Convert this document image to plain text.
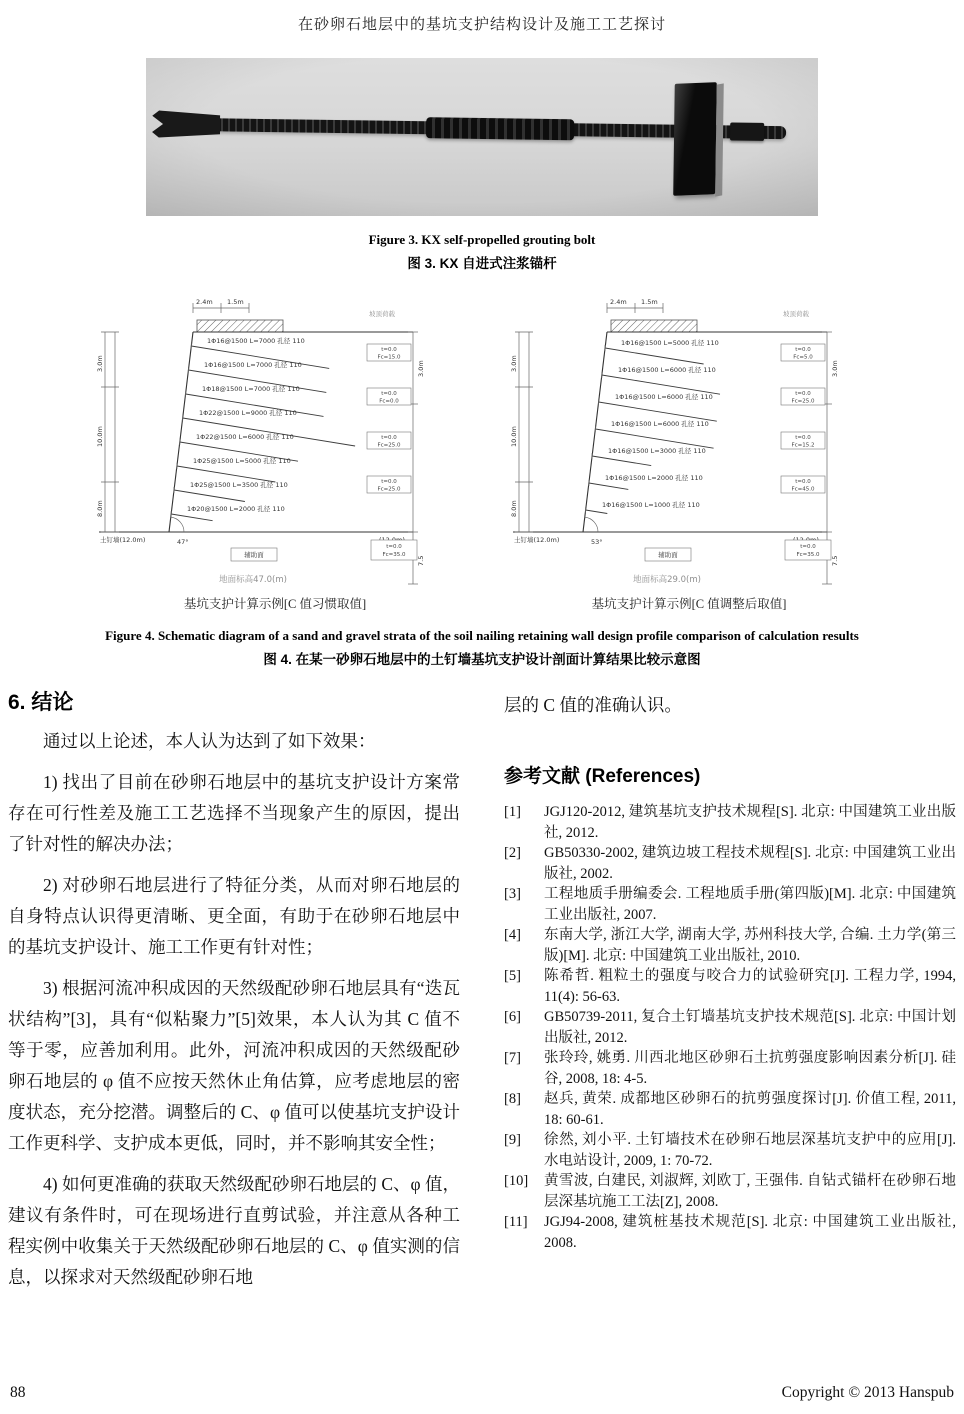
在砂卵石地层中的基坑支护结构设计及施工工艺探讨
Figure 3. KX self-propelled grouting bolt
图 3. KX 自进式注浆锚杆
2.4m 1.5m
坡顶荷载
3.0m
10.0m
8.0m
3.0m
7.5
1Φ16@1500 L=7000 孔径 110
1Φ16@1500 L=7000 孔径 110
1Φ18@1500 L=7000 孔径 110
1Φ22@1500 L=9000 孔径 110
1Φ22@1500 L=6000 孔径 110
1Φ25@1500 L=5000 孔径 110
1Φ25@1500 L=3500 孔径 110
1Φ20@1500 L=2000 孔径 110
t=0.0
Fc=15.0
t=0.0
Fc=0.0
t=0.0
Fc=25.0
t=0.0
Fc=25.0
土钉墙(12.0m)	47°
辅助面
t=0.0
Fc=35.0
地面标高47.0(m)
基坑支护计算示例[C 值习惯取值]
2.4m 1.5m
坡顶荷载
3.0m
10.0m
8.0m
3.0m
7.5
1Φ16@1500 L=5000 孔径 110
1Φ16@1500 L=6000 孔径 110
1Φ16@1500 L=6000 孔径 110
1Φ16@1500 L=6000 孔径 110
1Φ16@1500 L=3000 孔径 110
1Φ16@1500 L=2000 孔径 110
1Φ16@1500 L=1000 孔径 110
t=0.0
Fc=5.0
t=0.0
Fc=25.0
t=0.0
Fc=15.2
t=0.0
Fc=45.0
土钉墙(12.0m)	53°
辅助面
t=0.0
Fc=35.0
地面标高29.0(m)
基坑支护计算示例[C 值调整后取值]
Figure 4. Schematic diagram of a sand and gravel strata of the soil nailing retaining wall design profile comparison of calculation results
图 4. 在某一砂卵石地层中的土钉墙基坑支护设计剖面计算结果比较示意图
6. 结论

通过以上论述，本人认为达到了如下效果：

1) 找出了目前在砂卵石地层中的基坑支护设计方案常存在可行性差及施工工艺选择不当现象产生的原因，提出了针对性的解决办法；

2) 对砂卵石地层进行了特征分类，从而对卵石地层的自身特点认识得更清晰、更全面，有助于在砂卵石地层中的基坑支护设计、施工工作更有针对性；

3) 根据河流冲积成因的天然级配砂卵石地层具有“迭瓦状结构”[3]，具有“似粘聚力”[5]效果，本人认为其 C 值不等于零，应善加利用。此外，河流冲积成因的天然级配砂卵石地层的 φ 值不应按天然休止角估算，应考虑地层的密度状态，充分挖潜。调整后的 C、φ 值可以使基坑支护设计工作更科学、支护成本更低，同时，并不影响其安全性；

4) 如何更准确的获取天然级配砂卵石地层的 C、φ 值，建议有条件时，可在现场进行直剪试验，并注意从各种工程实例中收集关于天然级配砂卵石地层的 C、φ 值实测的信息，以探求对天然级配砂卵石地

层的 C 值的准确认识。

参考文献 (References)
[1]	JGJ120-2012, 建筑基坑支护技术规程[S]. 北京: 中国建筑工业出版社, 2012.
[2]	GB50330-2002, 建筑边坡工程技术规程[S]. 北京: 中国建筑工业出版社, 2002.
[3]	工程地质手册编委会. 工程地质手册(第四版)[M]. 北京: 中国建筑工业出版社, 2007.
[4]	东南大学, 浙江大学, 湖南大学, 苏州科技大学, 合编. 土力学(第三版)[M]. 北京: 中国建筑工业出版社, 2010.
[5]	陈希哲. 粗粒土的强度与咬合力的试验研究[J]. 工程力学, 1994, 11(4): 56-63.
[6]	GB50739-2011, 复合土钉墙基坑支护技术规范[S]. 北京: 中国计划出版社, 2012.
[7]	张玲玲, 姚勇. 川西北地区砂卵石土抗剪强度影响因素分析[J]. 硅谷, 2008, 18: 4-5.
[8]	赵兵, 黄荣. 成都地区砂卵石的抗剪强度探讨[J]. 价值工程, 2011, 18: 60-61.
[9]	徐然, 刘小平. 土钉墙技术在砂卵石地层深基坑支护中的应用[J]. 水电站设计, 2009, 1: 70-72.
[10]	黄雪波, 白建民, 刘淑辉, 刘欧丁, 王强伟. 自钻式锚杆在砂卵石地层深基坑施工工法[Z], 2008.
[11]	JGJ94-2008, 建筑桩基技术规范[S]. 北京: 中国建筑工业出版社, 2008.
88	Copyright © 2013 Hanspub
